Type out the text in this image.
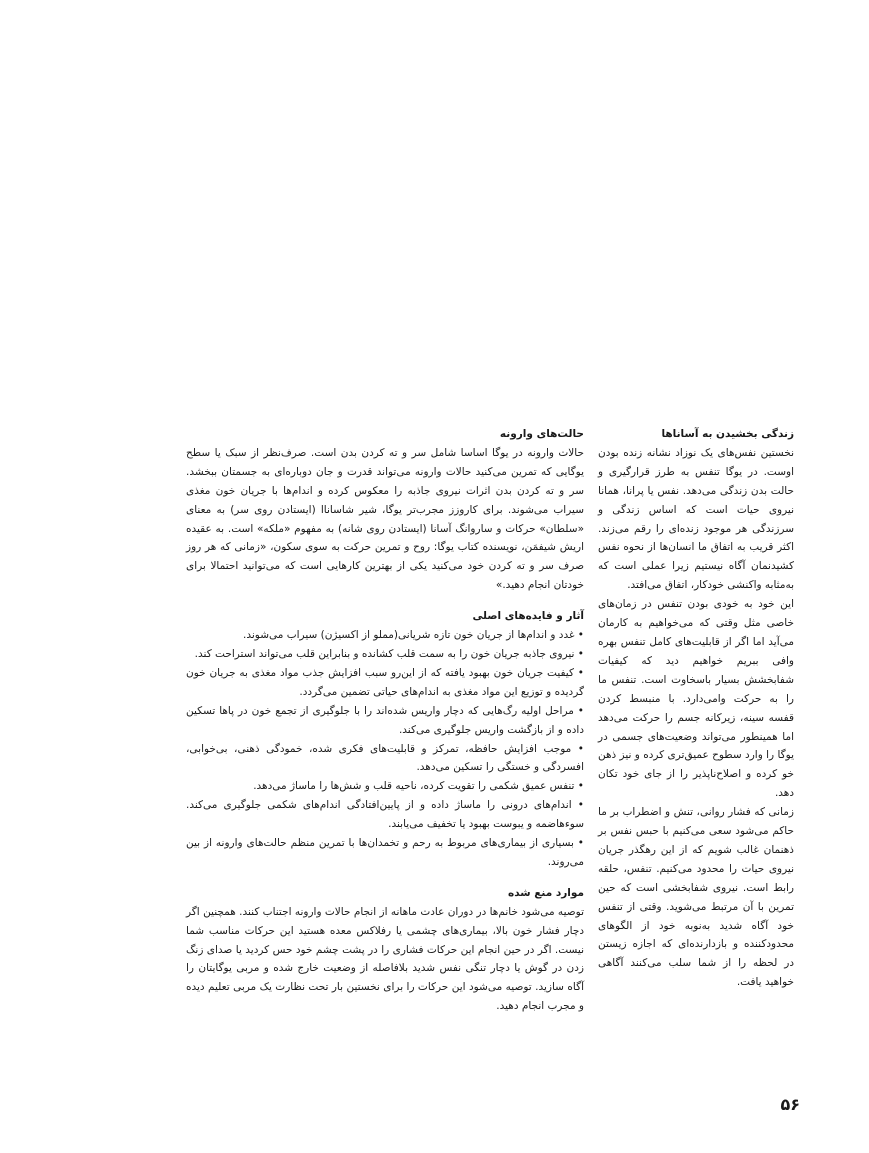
زندگی بخشیدن به آسانا‌ها

نخستین نفس‌های یک نوزاد نشانه زنده بودن اوست. در یوگا تنفس به طرز قرارگیری و حالت بدن زندگی می‌دهد. نفس یا پرانا، همانا نیروی حیات است که اساس زندگی و سرزندگی هر موجود زنده‌ای را رقم می‌زند. اکثر قریب به اتفاق ما انسان‌ها از نحوه نفس کشیدنمان آگاه نیستیم زیرا عملی است که به‌مثابه واکنشی خودکار، اتفاق می‌افتد.

این خود به خودی بودن تنفس در زمان‌های خاصی مثل وقتی که می‌خواهیم به کارمان می‌آید اما اگر از قابلیت‌های کامل تنفس بهره وافی ببریم خواهیم دید که کیفیات شفابخشش بسیار باسخاوت است. تنفس ما را به حرکت وامی‌دارد. با منبسط کردن قفسه سینه، زیرکانه جسم را حرکت می‌دهد اما همینطور می‌تواند وضعیت‌های جسمی در یوگا را وارد سطوح عمیق‌تری کرده و نیز ذهن خو کرده و اصلاح‌ناپذیر را از جای خود تکان دهد.

زمانی که فشار روانی، تنش و اضطراب بر ما حاکم می‌شود سعی می‌کنیم با حبس نفس بر ذهنمان غالب شویم که از این رهگذر جریان نیروی حیات را محدود می‌کنیم. تنفس، حلقه رابط است. نیروی شفابخشی است که حین تمرین با آن مرتبط می‌شوید. وقتی از تنفس خود آگاه شدید به‌نوبه خود از الگوهای محدودکننده و بازدارنده‌ای که اجازه زیستن در لحظه را از شما سلب می‌کنند آگاهی خواهید یافت.

حالت‌های وارونه

حالات وارونه در یوگا اساسا شامل سر و ته کردن بدن است. صرف‌نظر از سبک یا سطح یوگایی که تمرین می‌کنید حالات وارونه می‌تواند قدرت و جان دوباره‌ای به جسمتان ببخشد. سر و ته کردن بدن اثرات نیروی جاذبه را معکوس کرده و اندام‌ها با جریان خون مغذی سیراب می‌شوند. برای کاروزز مجرب‌تر یوگا، شیر شاساناا (ایستادن روی سر) به معنای «سلطان» حرکات و ساروانگ آسانا (ایستادن روی شانه) به مفهوم «ملکه» است. به عقیده اریش شیفمَن، نویسنده کتاب یوگا: روح و تمرین حرکت به سوی سکون، «زمانی که هر روز صرف سر و ته کردن خود می‌کنید یکی از بهترین کارهایی است که می‌توانید احتمالا برای خودتان انجام دهید.»

آثار و فایده‌های اصلی

• غدد و اندام‌ها از جریان خون تازه شریانی(مملو از اکسیژن) سیراب می‌شوند.

• نیروی جاذبه جریان خون را به سمت قلب کشانده و بنابراین قلب می‌تواند استراحت کند.

• کیفیت جریان خون بهبود یافته که از این‌رو سبب افزایش جذب مواد مغذی به جریان خون گردیده و توزیع این مواد مغذی به اندام‌های حیاتی تضمین می‌گردد.

• مراحل اولیه رگ‌هایی که دچار واریس شده‌اند را با جلوگیری از تجمع خون در پاها تسکین داده و از بازگشت واریس جلوگیری می‌کند.

• موجب افزایش حافظه، تمرکز و قابلیت‌های فکری شده، خمودگی ذهنی، بی‌خوابی، افسردگی و خستگی را تسکین می‌دهد.

• تنفس عمیق شکمی را تقویت کرده، ناحیه قلب و شش‌ها را ماساژ می‌دهد.

• اندام‌های درونی را ماساژ داده و از پایین‌افتادگی اندام‌های شکمی جلوگیری می‌کند. سوءهاضمه و یبوست بهبود یا تخفیف می‌یابند.

• بسیاری از بیماری‌های مربوط به رحم و تخمدان‌ها با تمرین منظم حالت‌های وارونه از بین می‌روند.

موارد منع شده

توصیه می‌شود خانم‌ها در دوران عادت ماهانه از انجام حالات وارونه اجتناب کنند. همچنین اگر دچار فشار خون بالا، بیماری‌های چشمی یا رفلاکس معده هستید این حرکات مناسب شما نیست. اگر در حین انجام این حرکات فشاری را در پشت چشم خود حس کردید یا صدای زنگ زدن در گوش یا دچار تنگی نفس شدید بلافاصله از وضعیت خارج شده و مربی یوگایتان را آگاه سازید. توصیه می‌شود این حرکات را برای نخستین بار تحت نظارت یک مربی تعلیم دیده و مجرب انجام دهید.

۵۶
